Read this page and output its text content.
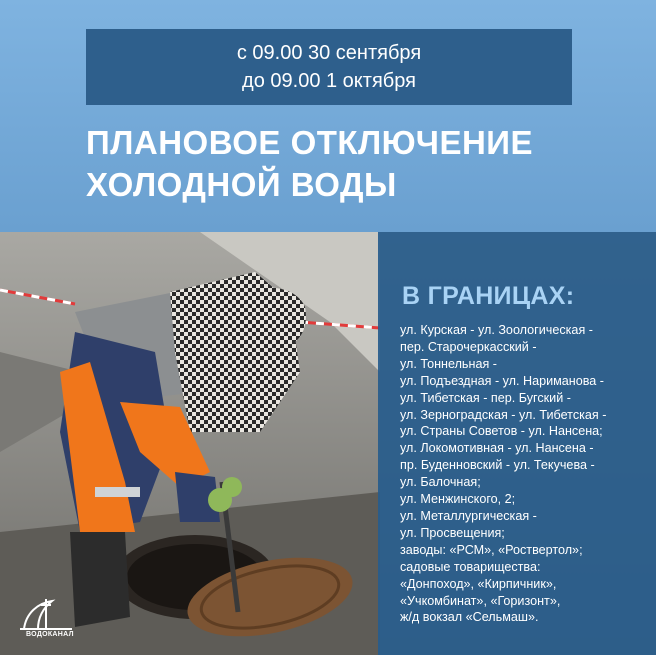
с 09.00 30 сентября
до 09.00 1 октября
ПЛАНОВОЕ ОТКЛЮЧЕНИЕ
ХОЛОДНОЙ ВОДЫ
В ГРАНИЦАХ:
ул. Курская - ул. Зоологическая -
пер. Старочеркасский -
ул. Тоннельная -
ул. Подъездная - ул. Нариманова -
ул. Тибетская - пер. Бугский -
ул. Зерноградская - ул. Тибетская -
ул. Страны Советов - ул. Нансена;
ул. Локомотивная - ул. Нансена -
пр. Буденновский - ул. Текучева -
ул. Балочная;
ул. Менжинского, 2;
ул. Металлургическая -
ул. Просвещения;
заводы: «РСМ», «Роствертол»;
садовые товарищества:
«Донпоход», «Кирпичник»,
«Учкомбинат», «Горизонт»,
ж/д вокзал «Сельмаш».
ВОДОКАНАЛ
